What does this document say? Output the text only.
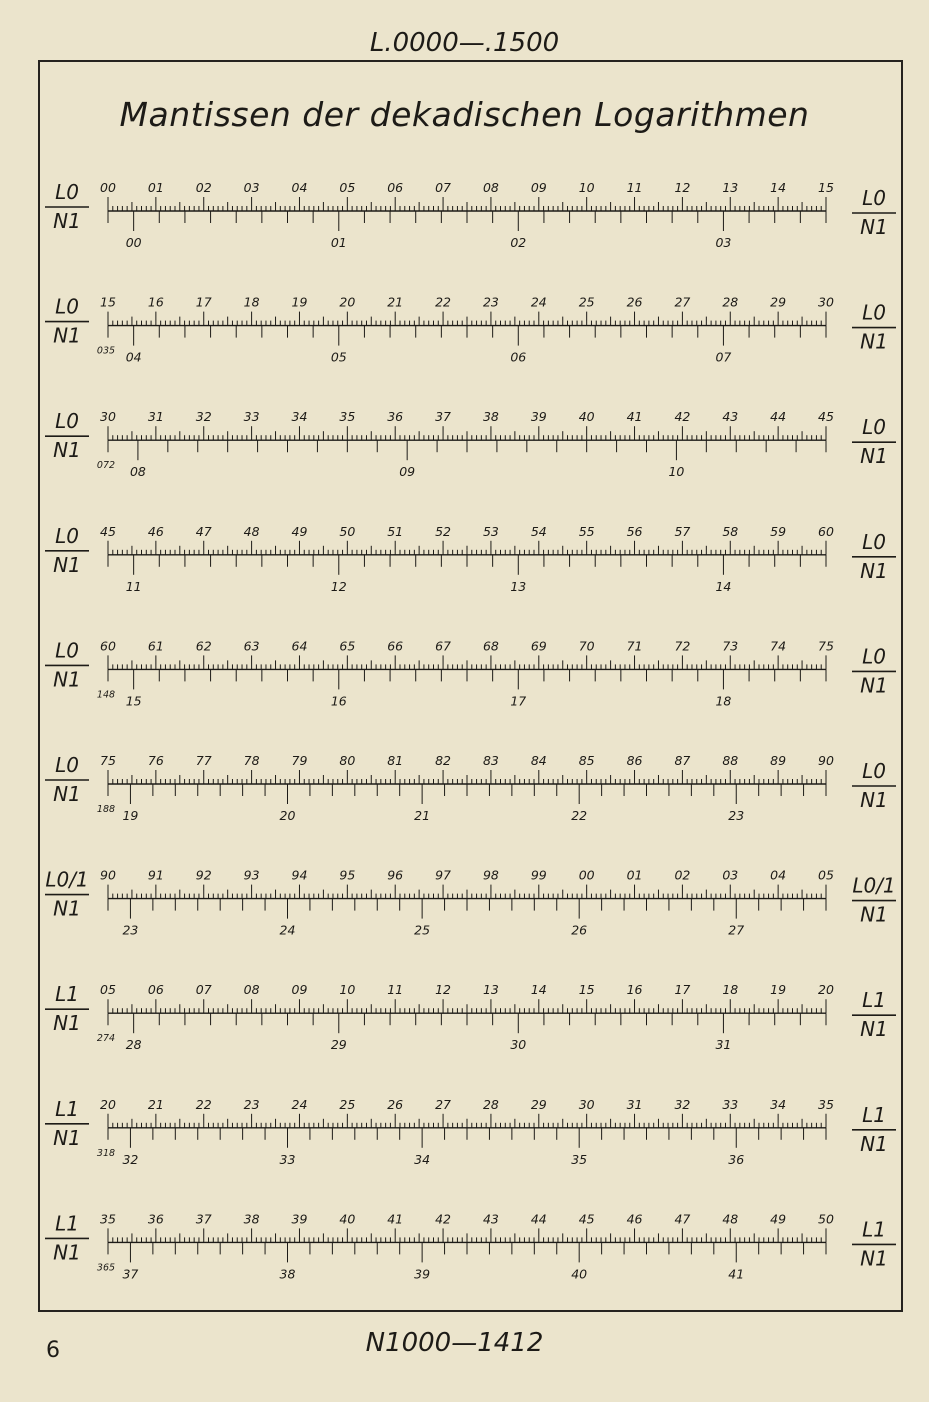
L.0000—.1500
Mantissen der dekadischen Logarithmen
L0
N1
L0
N1
00	01	02	03	04	05	06	07	08	09	10	11	12	13	14	15
00	01	02	03
L0
N1
L0
N1
15	16	17	18	19	20	21	22	23	24	25	26	27	28	29	30
04	05	06	07
035
L0
N1
L0
N1
30	31	32	33	34	35	36	37	38	39	40	41	42	43	44	45
08	09	10
072
L0
N1
L0
N1
45	46	47	48	49	50	51	52	53	54	55	56	57	58	59	60
11	12	13	14
L0
N1
L0
N1
60	61	62	63	64	65	66	67	68	69	70	71	72	73	74	75
15	16	17	18
148
L0
N1
L0
N1
75	76	77	78	79	80	81	82	83	84	85	86	87	88	89	90
19	20	21	22	23
188
L0/1
N1
L0/1
N1
90	91	92	93	94	95	96	97	98	99	00	01	02	03	04	05
23	24	25	26	27
L1
N1
L1
N1
05	06	07	08	09	10	11	12	13	14	15	16	17	18	19	20
28	29	30	31
274
L1
N1
L1
N1
20	21	22	23	24	25	26	27	28	29	30	31	32	33	34	35
32	33	34	35	36
318
L1
N1
L1
N1
35	36	37	38	39	40	41	42	43	44	45	46	47	48	49	50
37	38	39	40	41
365
6	N1000—1412
